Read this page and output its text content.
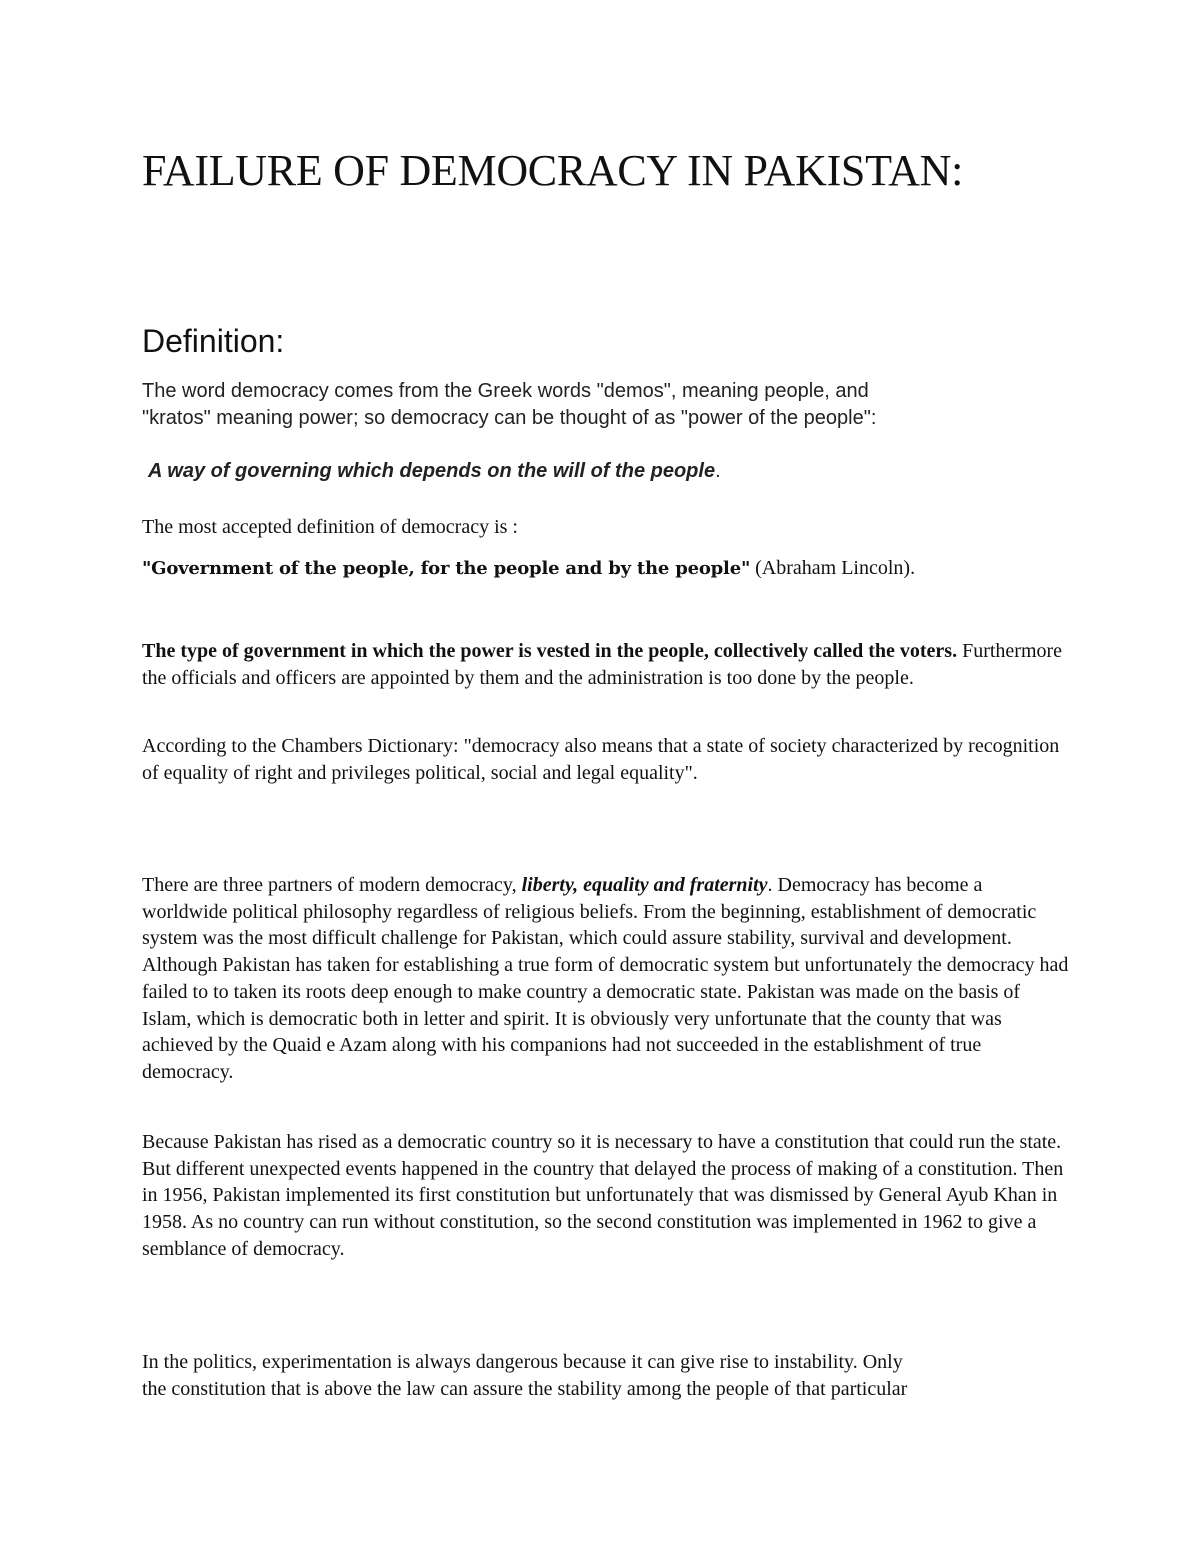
FAILURE OF DEMOCRACY IN PAKISTAN:
Definition:

The word democracy comes from the Greek words "demos", meaning people, and
"kratos" meaning power; so democracy can be thought of as "power of the people":

A way of governing which depends on the will of the people.

The most accepted definition of democracy is :

"Government of the people, for the people and by the people" (Abraham Lincoln).

The type of government in which the power is vested in the people, collectively called the voters. Furthermore the officials and officers are appointed by them and the administration is too done by the people.

According to the Chambers Dictionary: "democracy also means that a state of society characterized by recognition of equality of right and privileges political, social and legal equality".

There are three partners of modern democracy, liberty, equality and fraternity. Democracy has become a worldwide political philosophy regardless of religious beliefs. From the beginning, establishment of democratic system was the most difficult challenge for Pakistan, which could assure stability, survival and development. Although Pakistan has taken for establishing a true form of democratic system but unfortunately the democracy had failed to to taken its roots deep enough to make country a democratic state. Pakistan was made on the basis of Islam, which is democratic both in letter and spirit. It is obviously very unfortunate that the county that was achieved by the Quaid e Azam along with his companions had not succeeded in the establishment of true democracy.

Because Pakistan has rised as a democratic country so it is necessary to have a constitution that could run the state. But different unexpected events happened in the country that delayed the process of making of a constitution. Then in 1956, Pakistan implemented its first constitution but unfortunately that was dismissed by General Ayub Khan in 1958. As no country can run without constitution, so the second constitution was implemented in 1962 to give a semblance of democracy.

In the politics, experimentation is always dangerous because it can give rise to instability. Only
the constitution that is above the law can assure the stability among the people of that particular
